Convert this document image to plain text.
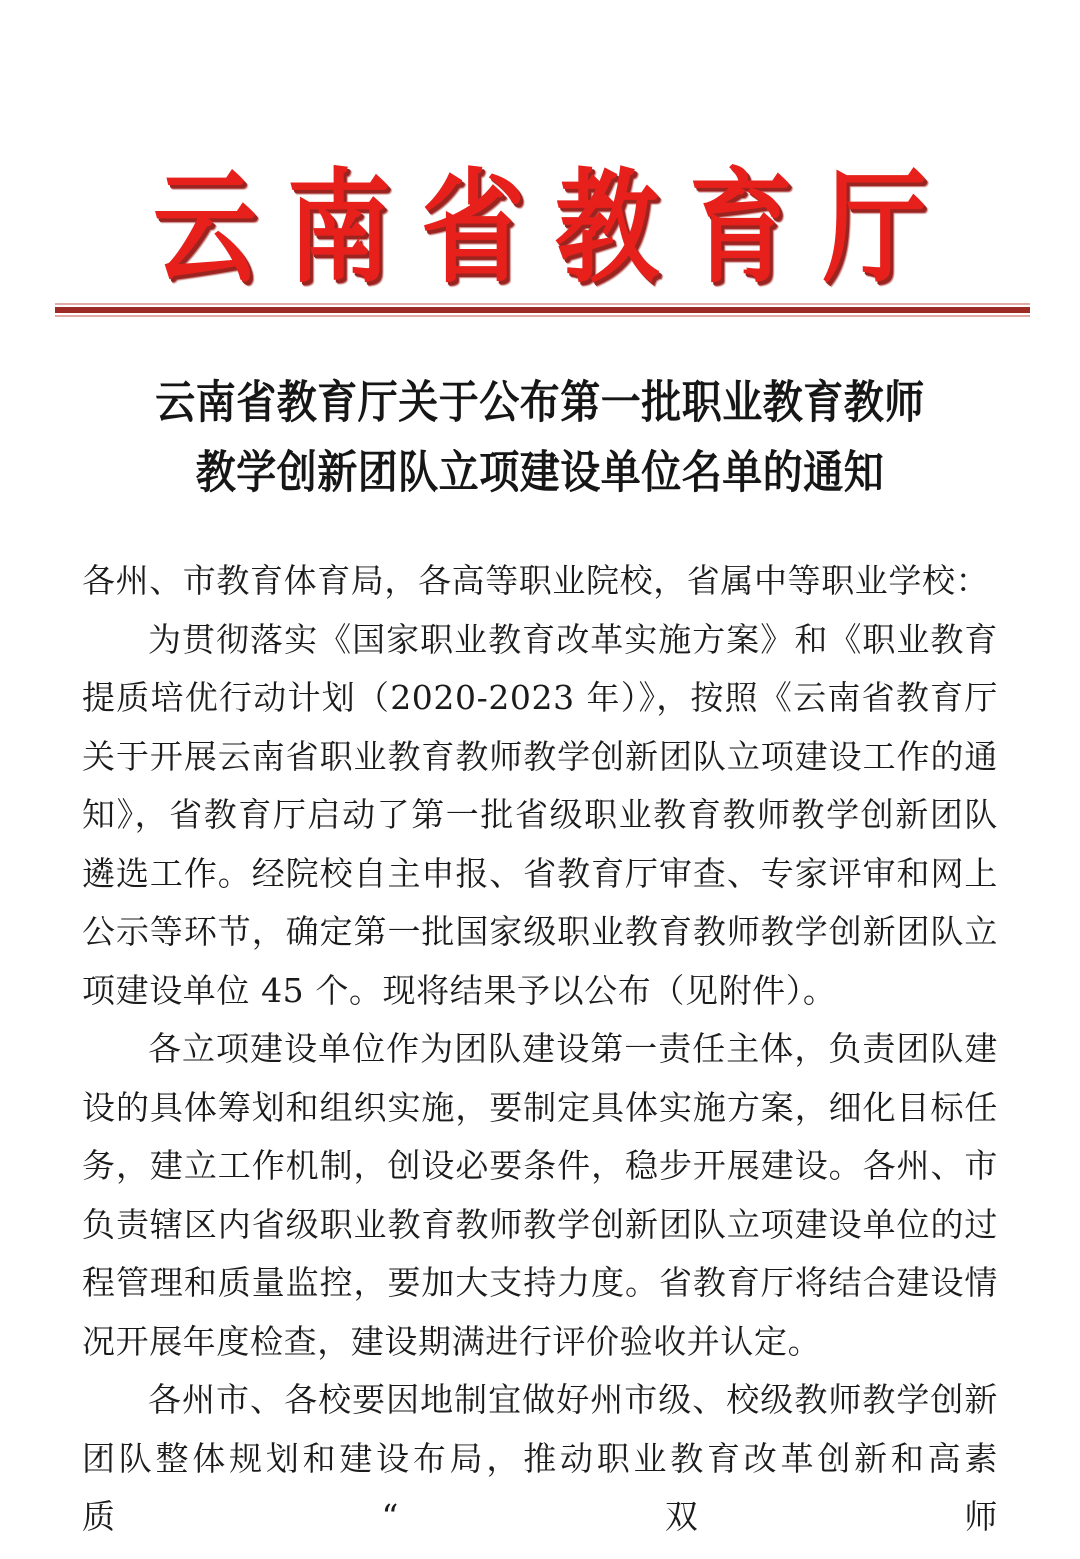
云南省教育厅
云南省教育厅关于公布第一批职业教育教师
教学创新团队立项建设单位名单的通知

各州、市教育体育局，各高等职业院校，省属中等职业学校：

为贯彻落实《国家职业教育改革实施方案》和《职业教育提质培优行动计划（2020-2023 年）》，按照《云南省教育厅关于开展云南省职业教育教师教学创新团队立项建设工作的通知》，省教育厅启动了第一批省级职业教育教师教学创新团队遴选工作。经院校自主申报、省教育厅审查、专家评审和网上公示等环节，确定第一批国家级职业教育教师教学创新团队立项建设单位 45 个。现将结果予以公布（见附件）。

各立项建设单位作为团队建设第一责任主体，负责团队建设的具体筹划和组织实施，要制定具体实施方案，细化目标任务，建立工作机制，创设必要条件，稳步开展建设。各州、市负责辖区内省级职业教育教师教学创新团队立项建设单位的过程管理和质量监控，要加大支持力度。省教育厅将结合建设情况开展年度检查，建设期满进行评价验收并认定。

各州市、各校要因地制宜做好州市级、校级教师教学创新团队整体规划和建设布局，推动职业教育改革创新和高素质“双师
